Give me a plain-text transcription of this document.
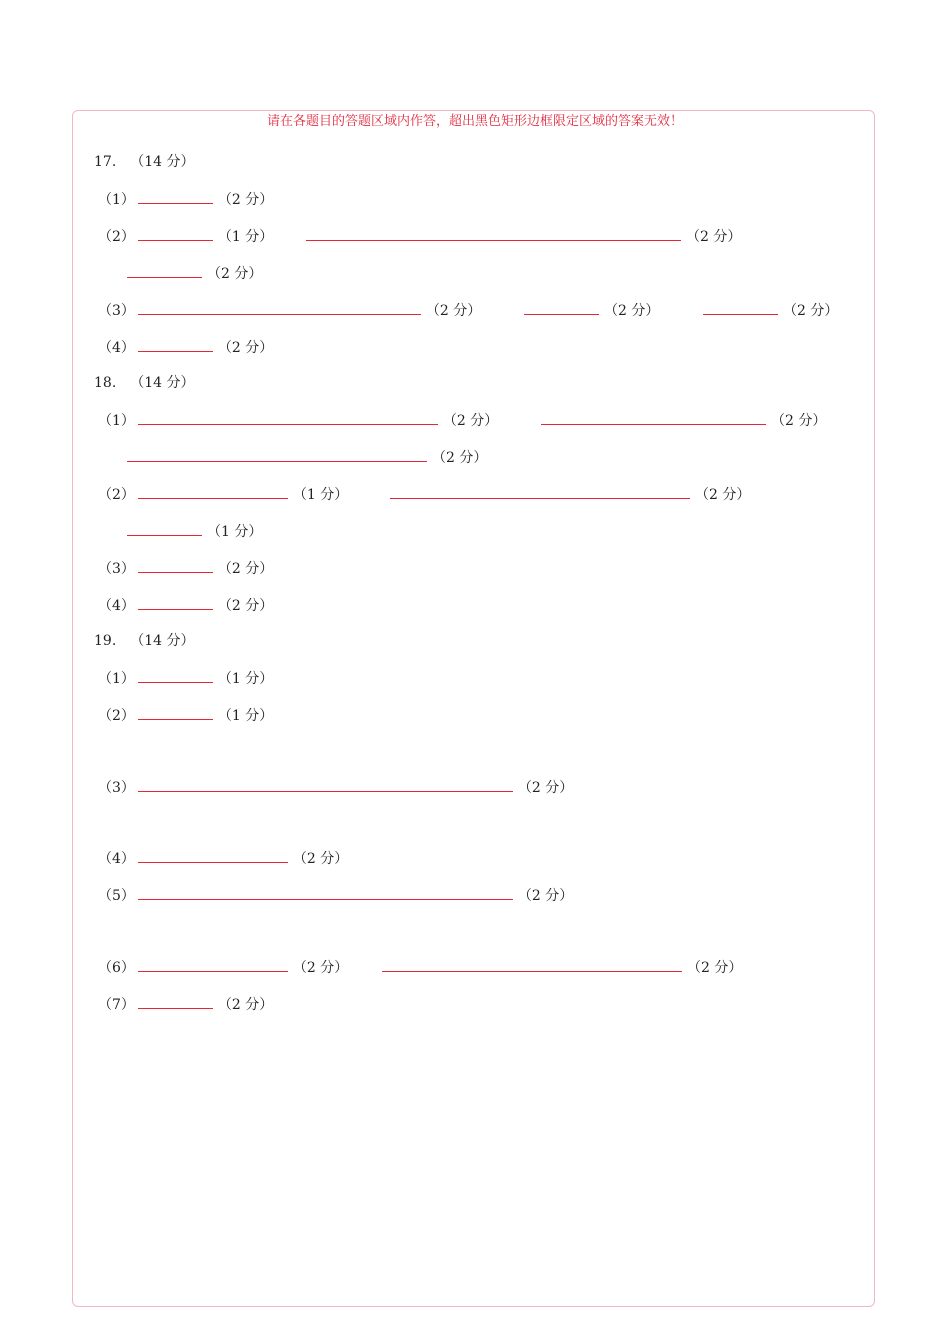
请在各题目的答题区域内作答，超出黑色矩形边框限定区域的答案无效！
17. （14 分）
（1）	（2 分）
（2）	（1 分）	（2 分）
（2 分）
（3）	（2 分）	（2 分）	（2 分）
（4）	（2 分）
18. （14 分）
（1）	（2 分）	（2 分）
（2 分）
（2）	（1 分）	（2 分）
（1 分）
（3）	（2 分）
（4）	（2 分）
19. （14 分）
（1）	（1 分）
（2）	（1 分）
（3）	（2 分）
（4）	（2 分）
（5）	（2 分）
（6）	（2 分）	（2 分）
（7）	（2 分）
